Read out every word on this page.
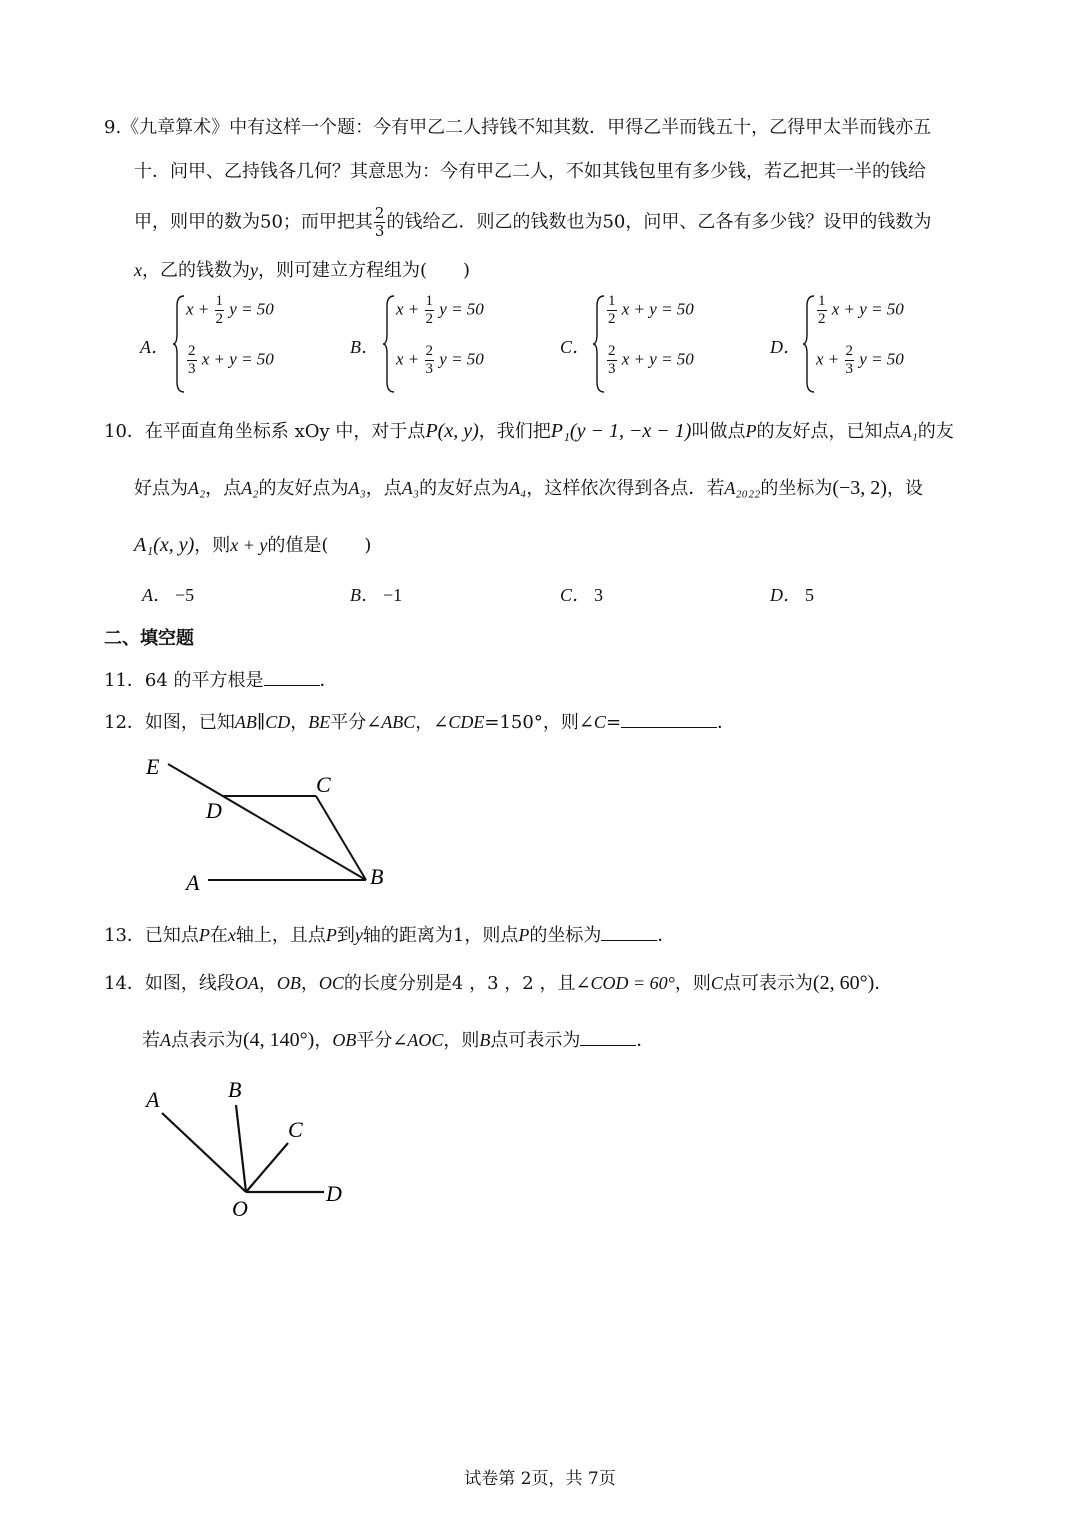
9.《九章算术》中有这样一个题：今有甲乙二人持钱不知其数．甲得乙半而钱五十，乙得甲太半而钱亦五
十．问甲、乙持钱各几何？其意思为：今有甲乙二人，不如其钱包里有多少钱，若乙把其一半的钱给
甲，则甲的数为50；而甲把其 $\frac{2}{3}$ 的钱给乙．则乙的钱数也为50，问甲、乙各有多少钱？设甲的钱数为
x，乙的钱数为y，则可建立方程组为(　　)
A．
$x + \frac{1}{2}$ y = 50
$\frac{2}{3}$ x + y = 50
B．
$x + \frac{1}{2}$ y = 50
$x + \frac{2}{3}$ y = 50
C．
$\frac{1}{2}$ x + y = 50
$\frac{2}{3}$ x + y = 50
D．
$\frac{1}{2}$ x + y = 50
$x + \frac{2}{3}$ y = 50
10．在平面直角坐标系 xOy 中，对于点P(x, y)，我们把P₁(y − 1, −x − 1)叫做点P的友好点，已知点A₁的友
好点为A₂，点A₂的友好点为A₃，点A₃的友好点为A₄，这样依次得到各点．若A₂₀₂₂的坐标为(−3, 2)，设
A₁(x, y)，则x + y的值是(　　)
A． −5	B． −1	C． 3	D． 5
二、填空题
11．64 的平方根是	．
12．如图，已知AB∥CD，BE平分∠ABC，∠CDE=150°，则∠C=	．
E
C
D
A	B
13．已知点P在x轴上，且点P到y轴的距离为1，则点P的坐标为	．
14．如图，线段OA，OB，OC的长度分别是4 ，3 ，2 ，且∠COD = 60°，则C点可表示为(2, 60°)．
若A点表示为(4, 140°)，OB平分∠AOC，则B点可表示为	．
A	B
C
D
O
试卷第 2页，共 7页
